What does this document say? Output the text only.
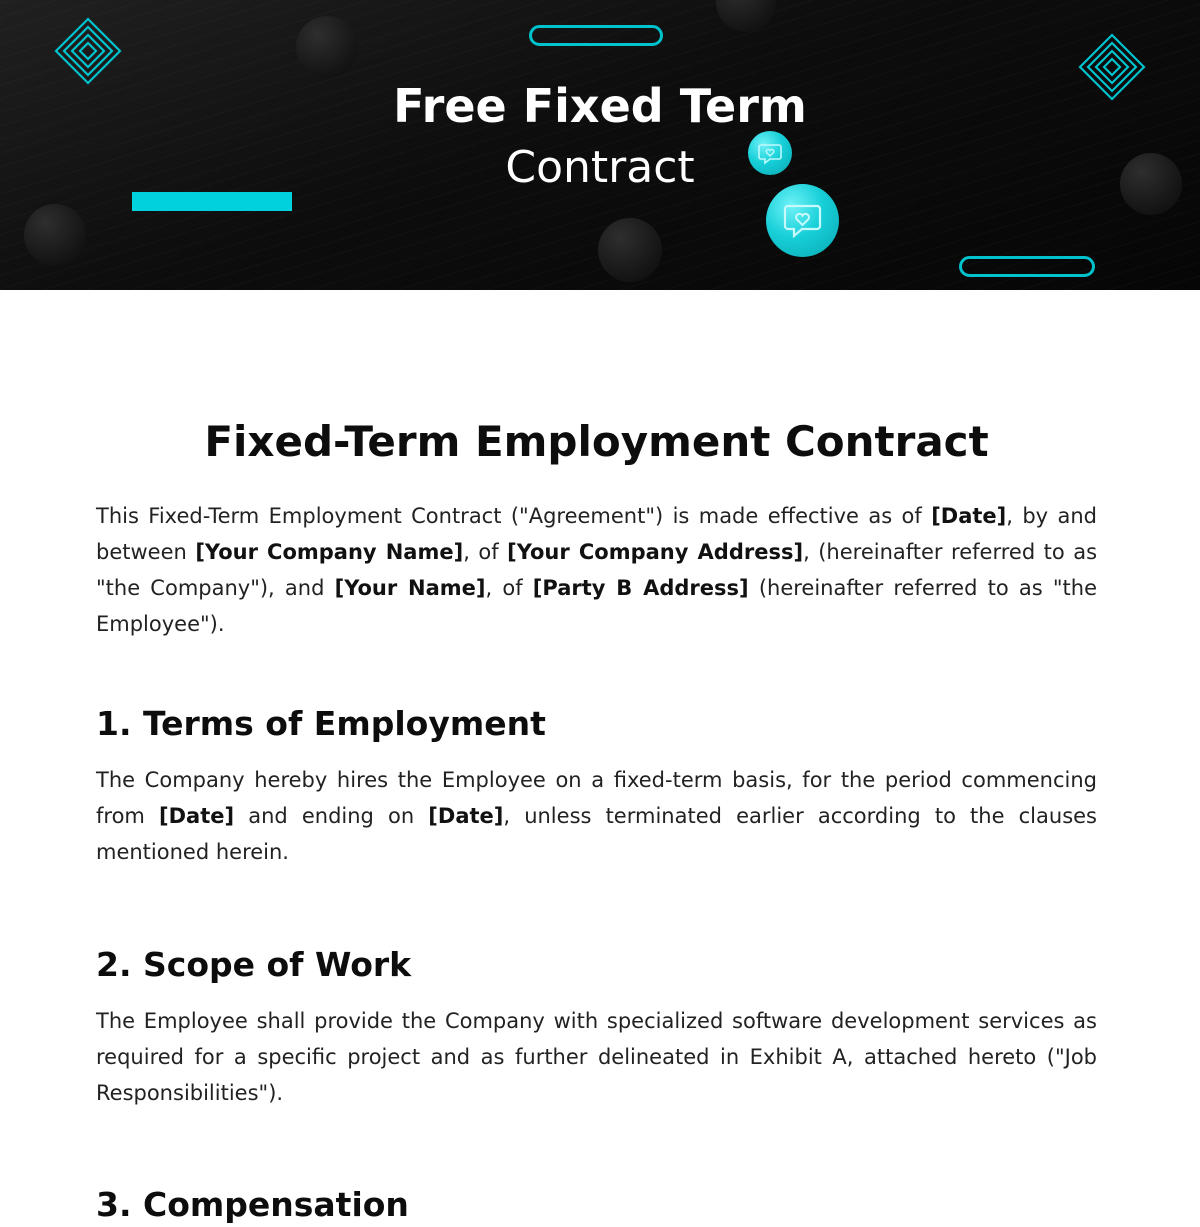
Free Fixed Term
Contract
Fixed-Term Employment Contract

This Fixed-Term Employment Contract ("Agreement") is made effective as of [Date], by and between [Your Company Name], of [Your Company Address], (hereinafter referred to as "the Company"), and [Your Name], of [Party B Address] (hereinafter referred to as "the Employee").

1. Terms of Employment

The Company hereby hires the Employee on a fixed-term basis, for the period commencing from [Date] and ending on [Date], unless terminated earlier according to the clauses mentioned herein.

2. Scope of Work

The Employee shall provide the Company with specialized software development services as required for a specific project and as further delineated in Exhibit A, attached hereto ("Job Responsibilities").

3. Compensation
